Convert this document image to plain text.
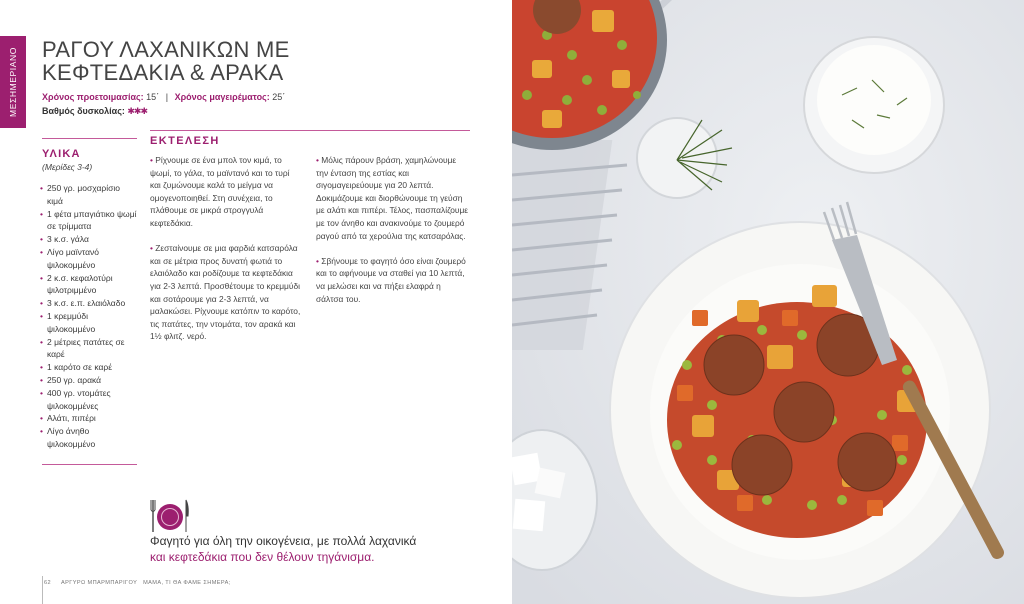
ΜΕΣΗΜΕΡΙΑΝΟ ΡΑΓΟΥ ΛΑΧΑΝΙΚΩΝ ΜΕ
ΚΕΦΤΕΔΑΚΙΑ & ΑΡΑΚΑ
Χρόνος προετοιμασίας: 15΄ | Χρόνος μαγειρέματος: 25΄
Βαθμός δυσκολίας: ✱✱✱
ΥΛΙΚΑ
(Μερίδες 3-4)
• 250 γρ. μοσχαρίσιο κιμά
• 1 φέτα μπαγιάτικο ψωμί σε τρίμματα
• 3 κ.σ. γάλα
• Λίγο μαϊντανό ψιλοκομμένο
• 2 κ.σ. κεφαλοτύρι ψιλοτριμμένο
• 3 κ.σ. ε.π. ελαιόλαδο
• 1 κρεμμύδι ψιλοκομμένο
• 2 μέτριες πατάτες σε καρέ
• 1 καρότο σε καρέ
• 250 γρ. αρακά
• 400 γρ. ντομάτες ψιλοκομμένες
• Αλάτι, πιπέρι
• Λίγο άνηθο ψιλοκομμένο
ΕΚΤΕΛΕΣΗ

• Ρίχνουμε σε ένα μπολ τον κιμά, το ψωμί, το γάλα, το μαϊντανό και το τυρί και ζυμώνουμε καλά το μείγμα να ομογενοποιηθεί. Στη συνέχεια, το πλάθουμε σε μικρά στρογγυλά κεφτεδάκια.

• Ζεσταίνουμε σε μια φαρδιά κατσαρόλα και σε μέτρια προς δυνατή φωτιά το ελαιόλαδο και ροδίζουμε τα κεφτεδάκια για 2-3 λεπτά. Προσθέτουμε το κρεμμύδι και σοτάρουμε για 2-3 λεπτά, να μαλακώσει. Ρίχνουμε κατόπιν το καρότο, τις πατάτες, την ντομάτα, τον αρακά και 1½ φλιτζ. νερό.

• Μόλις πάρουν βράση, χαμηλώνουμε την ένταση της εστίας και σιγομαγειρεύουμε για 20 λεπτά. Δοκιμάζουμε και διορθώνουμε τη γεύση με αλάτι και πιπέρι. Τέλος, πασπαλίζουμε με τον άνηθο και ανακινούμε το ζουμερό ραγού από τα χερούλια της κατσαρόλας.

• Σβήνουμε το φαγητό όσο είναι ζουμερό και το αφήνουμε να σταθεί για 10 λεπτά, να μελώσει και να πήξει ελαφρά η σάλτσα του.

Φαγητό για όλη την οικογένεια, με πολλά λαχανικά
και κεφτεδάκια που δεν θέλουν τηγάνισμα.
62 ΑΡΓΥΡΩ ΜΠΑΡΜΠΑΡΙΓΟΥ ΜΑΜΑ, ΤΙ ΘΑ ΦΑΜΕ ΣΗΜΕΡΑ;
